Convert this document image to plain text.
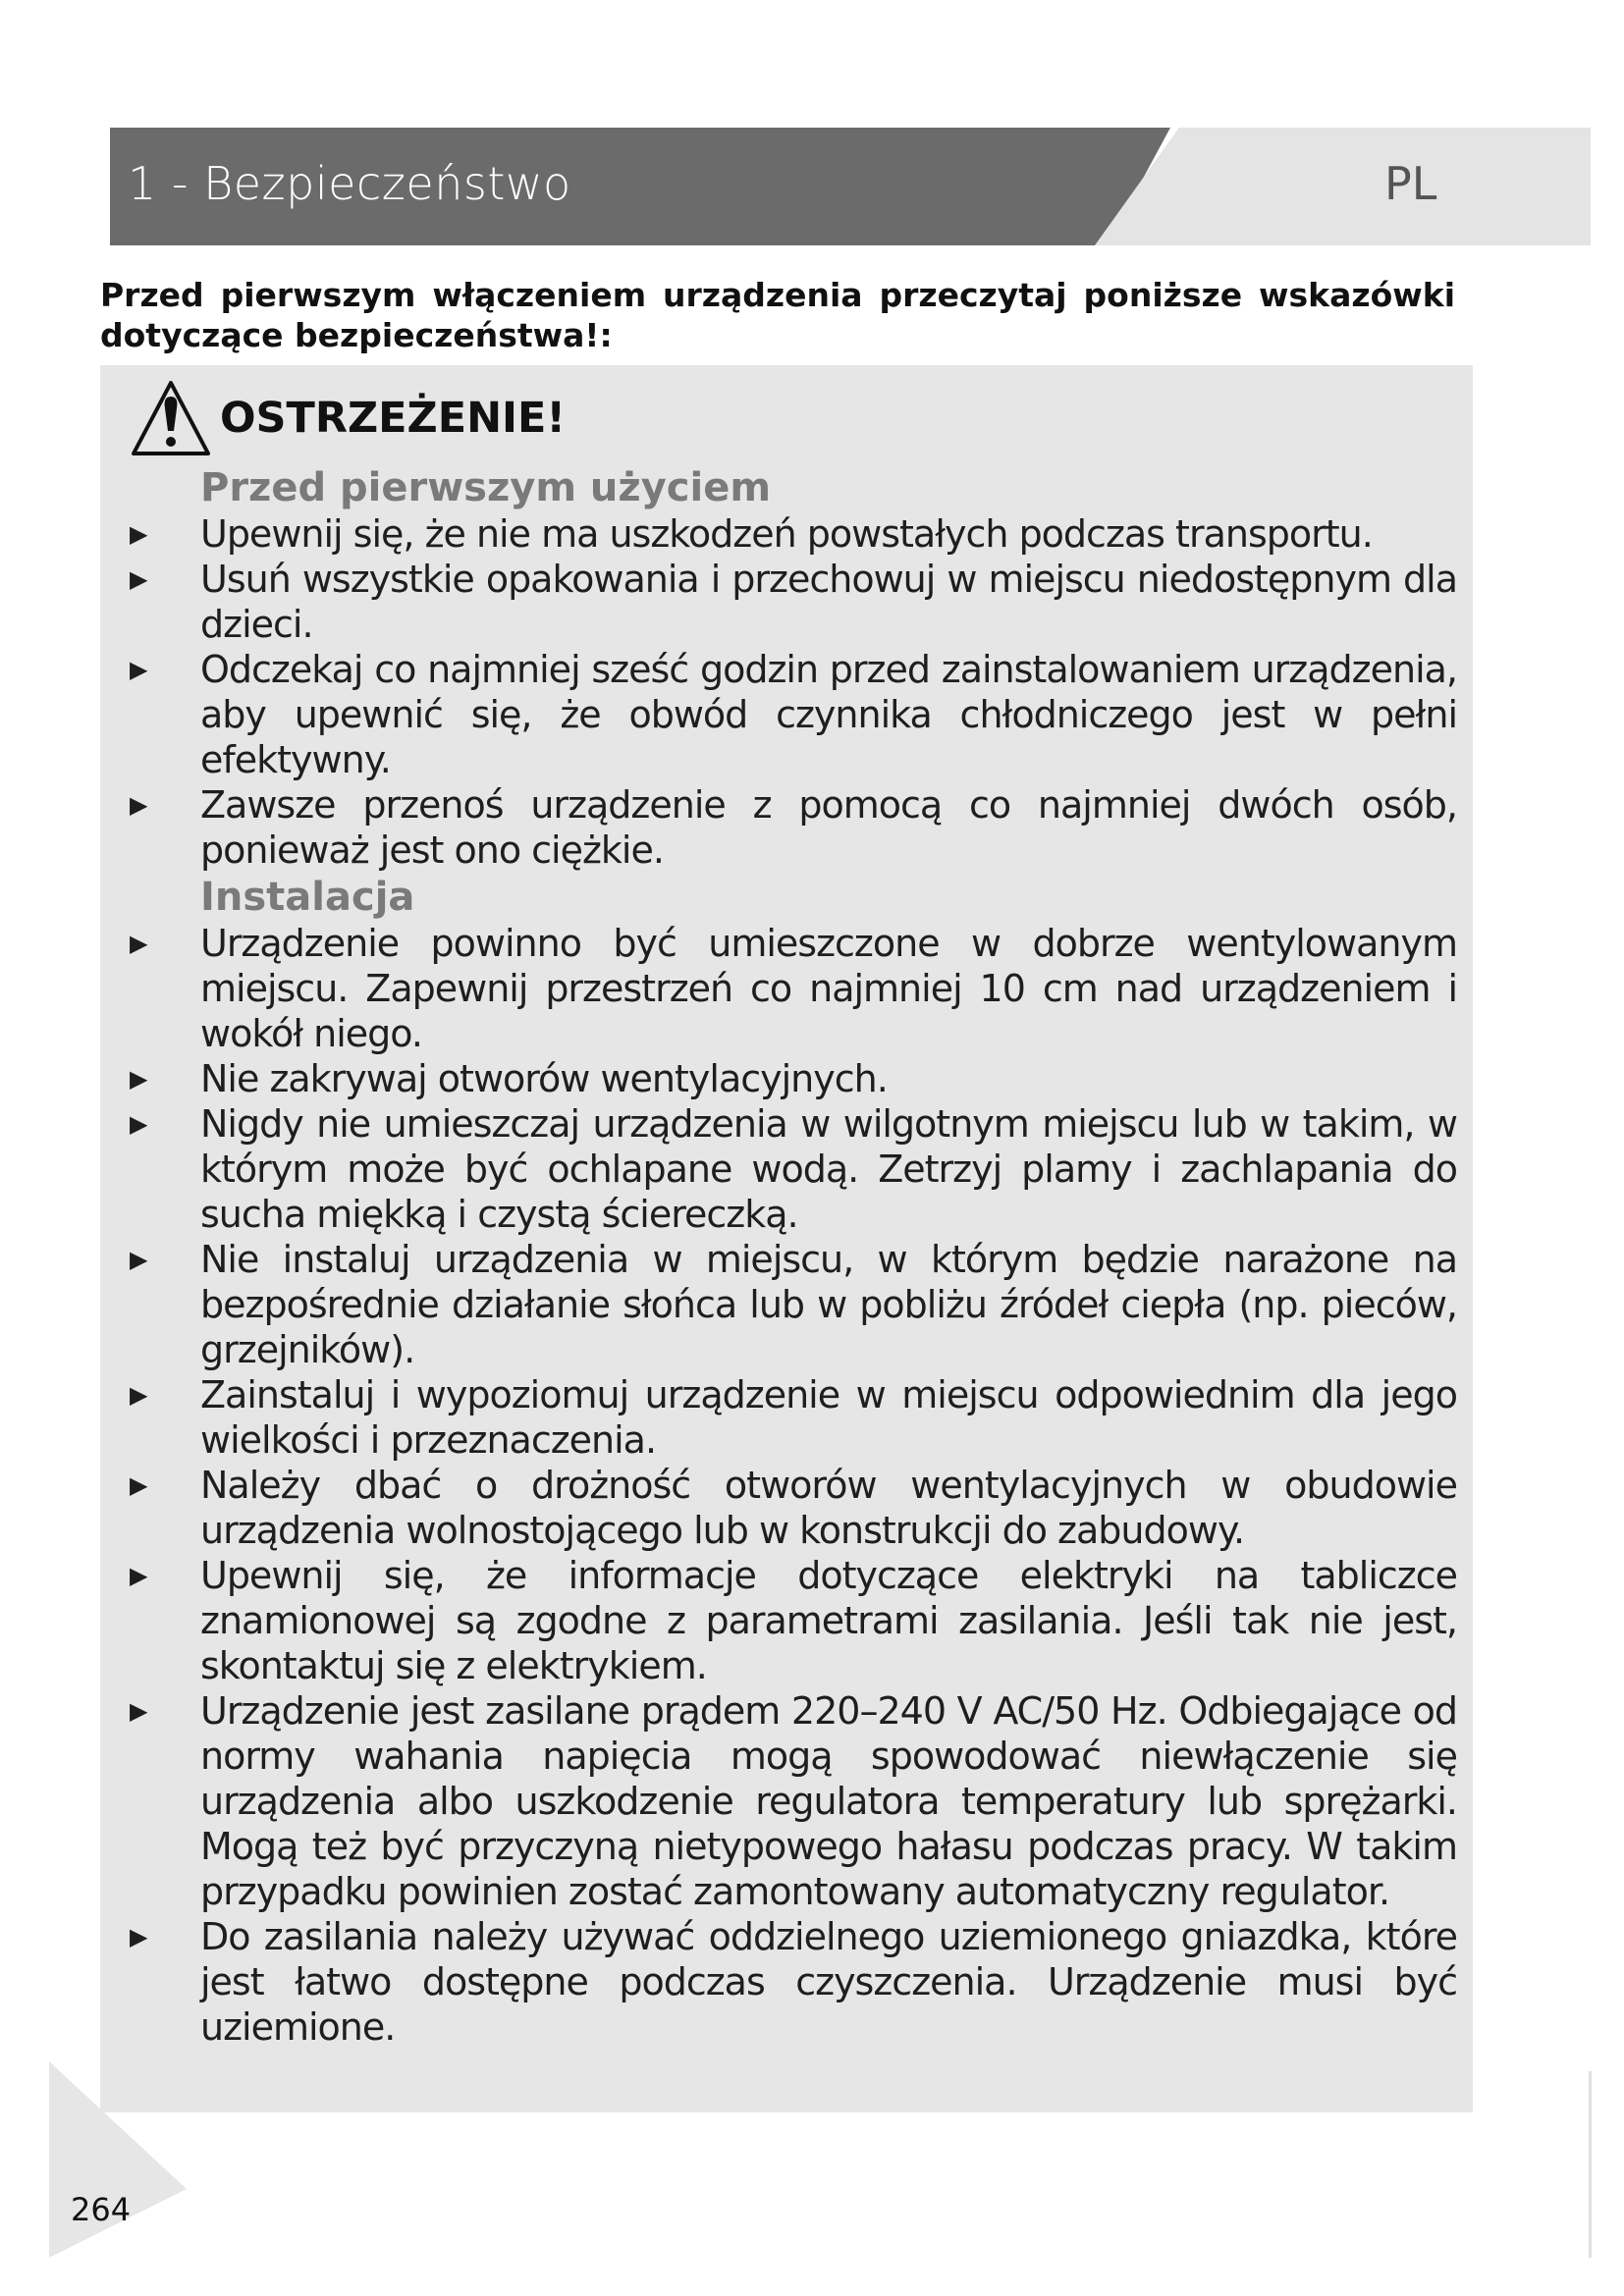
1 - Bezpieczeństwo	PL
Przed pierwszym włączeniem urządzenia przeczytaj poniższe wskazówki dotyczące bezpieczeństwa!:
OSTRZEŻENIE!
Przed pierwszym użyciem
▶	Upewnij się, że nie ma uszkodzeń powstałych podczas transportu.
▶	Usuń wszystkie opakowania i przechowuj w miejscu niedostępnym dla dzieci.
▶	Odczekaj co najmniej sześć godzin przed zainstalowaniem urządzenia, aby upewnić się, że obwód czynnika chłodniczego jest w pełni efektywny.
▶	Zawsze przenoś urządzenie z pomocą co najmniej dwóch osób, ponieważ jest ono ciężkie.
Instalacja
▶	Urządzenie powinno być umieszczone w dobrze wentylowanym miejscu. Zapewnij przestrzeń co najmniej 10 cm nad urządzeniem i wokół niego.
▶	Nie zakrywaj otworów wentylacyjnych.
▶	Nigdy nie umieszczaj urządzenia w wilgotnym miejscu lub w takim, w którym może być ochlapane wodą. Zetrzyj plamy i zachlapania do sucha miękką i czystą ściereczką.
▶	Nie instaluj urządzenia w miejscu, w którym będzie narażone na bezpośrednie działanie słońca lub w pobliżu źródeł ciepła (np. pieców, grzejników).
▶	Zainstaluj i wypoziomuj urządzenie w miejscu odpowiednim dla jego wielkości i przeznaczenia.
▶	Należy dbać o drożność otworów wentylacyjnych w obudowie urządzenia wolnostojącego lub w konstrukcji do zabudowy.
▶	Upewnij się, że informacje dotyczące elektryki na tabliczce znamionowej są zgodne z parametrami zasilania. Jeśli tak nie jest, skontaktuj się z elektrykiem.
▶	Urządzenie jest zasilane prądem 220–240 V AC/50 Hz. Odbiegające od normy wahania napięcia mogą spowodować niewłączenie się urządzenia albo uszkodzenie regulatora temperatury lub sprężarki. Mogą też być przyczyną nietypowego hałasu podczas pracy. W takim przypadku powinien zostać zamontowany automatyczny regulator.
▶	Do zasilania należy używać oddzielnego uziemionego gniazdka, które jest łatwo dostępne podczas czyszczenia. Urządzenie musi być uziemione.
264
